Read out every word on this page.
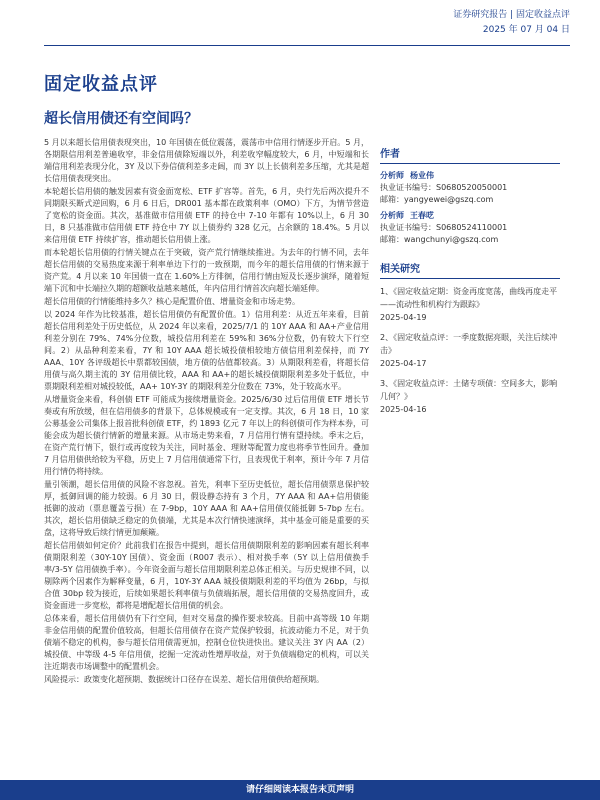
证券研究报告 | 固定收益点评
2025 年 07 月 04 日
固定收益点评
超长信用债还有空间吗？

5 月以来超长信用债表现突出，10 年国债在低位震荡，震荡市中信用行情逐步开启。5 月，各期限信用利差普遍收窄，非金信用债除短端以外，利差收窄幅度较大，6 月，中短端和长端信用利差表现分化，3Y 及以下券信债利差多走阔，而 3Y 以上长债利差多压缩，尤其是超长信用债表现突出。

本轮超长信用债的触发因素有资金面宽松、ETF 扩容等。首先，6 月，央行先后两次提升不同期限买断式逆回购，6 月 6 日后，DR001 基本都在政策利率（OMO）下方，为情节营造了宽松的资金面。其次，基准做市信用债 ETF 的持仓中 7-10 年都有 10%以上，6 月 30 日，8 只基准做市信用债 ETF 持仓中 7Y 以上债券约 328 亿元，占余额的 18.4%。5 月以来信用债 ETF 持续扩容，推动超长信用债上涨。

而本轮超长信用债的行情关键点在于突破，资产荒行情继续推进。为去年的行情不同，去年超长信用债的交易热度来源于利率单边下行的一致预期，而今年的超长信用债的行情来源于资产荒。4 月以来 10 年国债一直在 1.60%上方徘徊，信用行情由短及长逐步演绎，随着短端下沉和中长端拉久期的超额收益越来越低，年内信用行情首次向超长端延伸。

超长信用债的行情能维持多久？核心是配置价值、增量资金和市场走势。

以 2024 年作为比较基准，超长信用债仍有配置价值。1）信用利差：从近五年来看，目前超长信用利差处于历史低位，从 2024 年以来看，2025/7/1 的 10Y AAA 和 AA+产业信用利差分别在 79%、74%分位数，城投信用利差在 59%和 36%分位数，仍有较大下行空间。2）从品种利差来看，7Y 和 10Y AAA 超长城投债相较地方债信用利差保持，而 7Y AAA、10Y 各评级超长中票都较国债，地方债的估值都较高。3）从期限利差看，将超长信用债与高久期主流的 3Y 信用债比较，AAA 和 AA+的超长城投债期限利差多处于低位，中票期限利差相对城投较低，AA+ 10Y-3Y 的期限利差分位数在 73%，处于较高水平。

从增量资金来看，科创债 ETF 可能成为接续增量资金。2025/6/30 过后信用债 ETF 增长节奏或有所放缓，但在信用债多的背景下，总体规模或有一定支撑。其次，6 月 18 日，10 家公募基金公司集体上报首批科创债 ETF，约 1893 亿元 7 年以上的科创债可作为样本券，可能会成为超长债行情新的增量来源。从市场走势来看，7 月信用行情有望持续。季末之后，在资产荒行情下，银行或再度较为关注，同时基金、理财等配置力度也将季节性回升。叠加 7 月信用债供给较为平稳，历史上 7 月信用债通常下行，且表现优于利率，预计今年 7 月信用行情仍将持续。

量引领潮，超长信用债的风险不容忽视。首先，利率下至历史低位，超长信用债票息保护较厚，抵御回调的能力较弱。6 月 30 日，假设静态持有 3 个月，7Y AAA 和 AA+信用债能抵御的波动（票息覆盖亏损）在 7-9bp，10Y AAA 和 AA+信用债仅能抵御 5-7bp 左右。其次，超长信用债缺乏稳定的负债端，尤其是本次行情快速演绎，其中基金可能是重要的买盘，这将导致后续行情更加颠簸。

超长信用债如何定价？此前我们在报告中提到，超长信用债期限利差的影响因素有超长利率债期限利差（30Y-10Y 国债）、资金面（R007 表示）、相对换手率（5Y 以上信用债换手率/3-5Y 信用债换手率）。今年资金面与超长信用期限利差总体正相关。与历史规律不同，以剔除两个因素作为解释变量，6 月，10Y-3Y AAA 城投债期限利差的平均值为 26bp，与拟合值 30bp 较为接近，后续如果超长利率债与负债端拓展，超长信用债的交易热度回升，或资金面进一步宽松，都将是增配超长信用债的机会。

总体来看，超长信用债仍有下行空间，但对交易盘的操作要求较高。目前中高等级 10 年期非金信用债的配置价值较高，但超长信用债存在资产荒保护较弱，抗波动能力不足，对于负债端不稳定的机构，参与超长信用债需更加，控制仓位快进快出。建议关注 3Y 内 AA（2）城投债、中等级 4-5 年信用债，挖掘一定流动性增厚收益，对于负债端稳定的机构，可以关注近期表市场调整中的配置机会。

风险提示：政策变化超预期、数据统计口径存在误差、超长信用债供给超预期。

作者
分析师 杨业伟
执业证书编号：S0680520050001
邮箱：yangyewei@gszq.com
分析师 王春呓
执业证书编号：S0680524110001
邮箱：wangchunyi@gszq.com
相关研究
1、《固定收益定期：资金再度宽荡，曲线再度走平——流动性和机构行为跟踪》
2025-04-19
2、《固定收益点评：一季度数据亮眼，关注后续冲击》
2025-04-17
3、《固定收益点评：土储专项债：空间多大，影响几何？》
2025-04-16
请仔细阅读本报告末页声明
